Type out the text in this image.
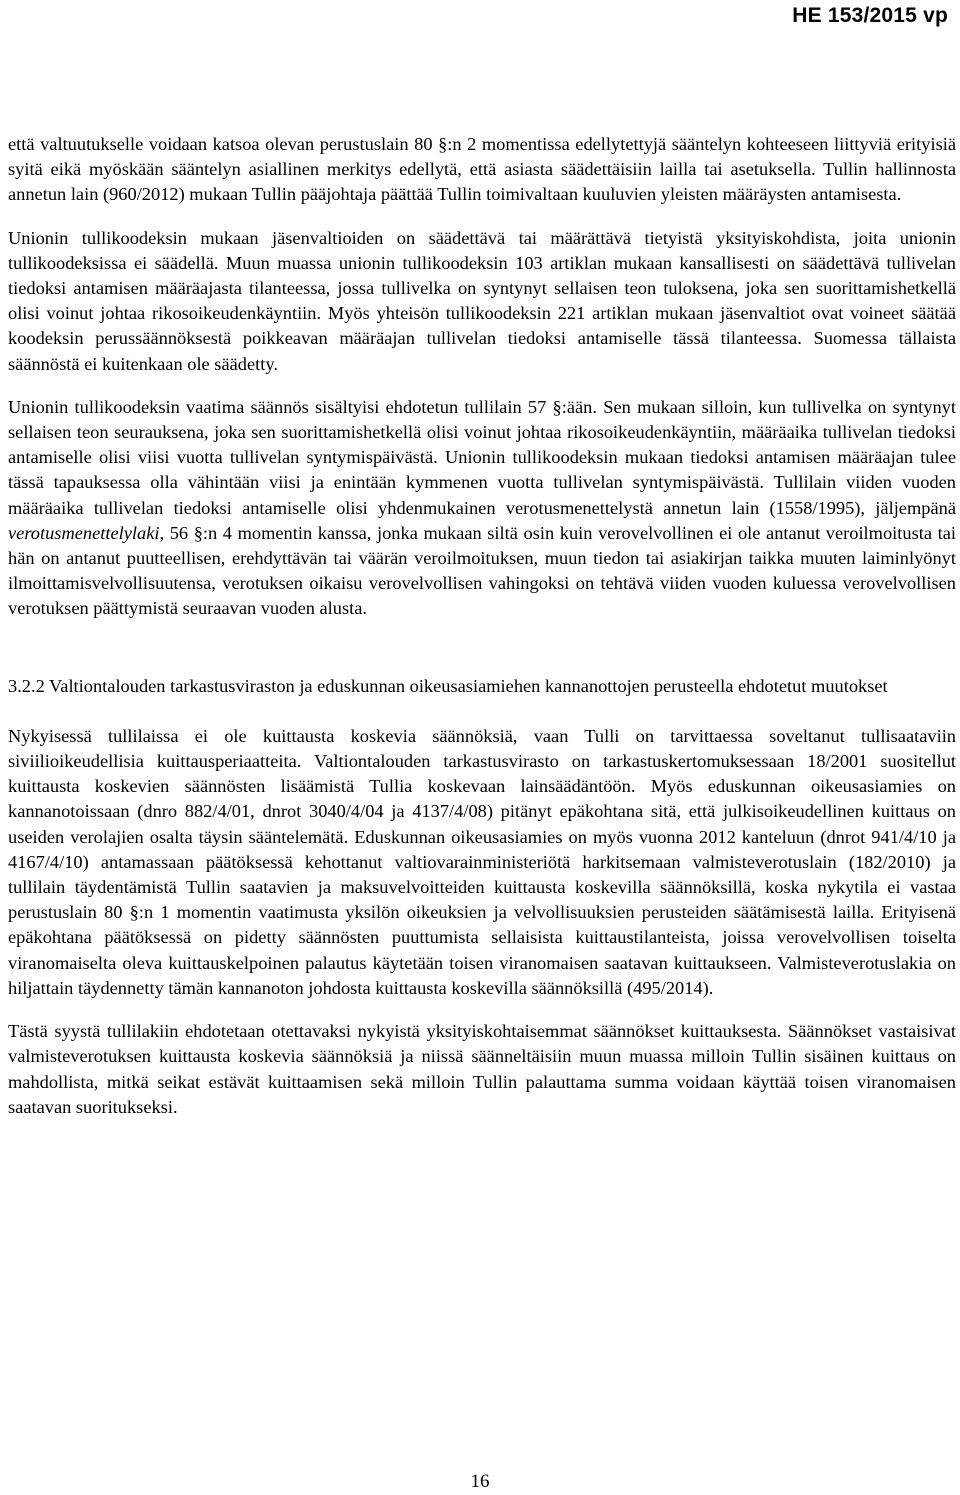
HE 153/2015 vp

että valtuutukselle voidaan katsoa olevan perustuslain 80 §:n 2 momentissa edellytettyjä sääntelyn kohteeseen liittyviä erityisiä syitä eikä myöskään sääntelyn asiallinen merkitys edellytä, että asiasta säädettäisiin lailla tai asetuksella. Tullin hallinnosta annetun lain (960/2012) mukaan Tullin pääjohtaja päättää Tullin toimivaltaan kuuluvien yleisten määräysten antamisesta.

Unionin tullikoodeksin mukaan jäsenvaltioiden on säädettävä tai määrättävä tietyistä yksityiskohdista, joita unionin tullikoodeksissa ei säädellä. Muun muassa unionin tullikoodeksin 103 artiklan mukaan kansallisesti on säädettävä tullivelan tiedoksi antamisen määräajasta tilanteessa, jossa tullivelka on syntynyt sellaisen teon tuloksena, joka sen suorittamishetkellä olisi voinut johtaa rikosoikeudenkäyntiin. Myös yhteisön tullikoodeksin 221 artiklan mukaan jäsenvaltiot ovat voineet säätää koodeksin perussäännöksestä poikkeavan määräajan tullivelan tiedoksi antamiselle tässä tilanteessa. Suomessa tällaista säännöstä ei kuitenkaan ole säädetty.

Unionin tullikoodeksin vaatima säännös sisältyisi ehdotetun tullilain 57 §:ään. Sen mukaan silloin, kun tullivelka on syntynyt sellaisen teon seurauksena, joka sen suorittamishetkellä olisi voinut johtaa rikosoikeudenkäyntiin, määräaika tullivelan tiedoksi antamiselle olisi viisi vuotta tullivelan syntymispäivästä. Unionin tullikoodeksin mukaan tiedoksi antamisen määräajan tulee tässä tapauksessa olla vähintään viisi ja enintään kymmenen vuotta tullivelan syntymispäivästä. Tullilain viiden vuoden määräaika tullivelan tiedoksi antamiselle olisi yhdenmukainen verotusmenettelystä annetun lain (1558/1995), jäljempänä verotusmenettelylaki, 56 §:n 4 momentin kanssa, jonka mukaan siltä osin kuin verovelvollinen ei ole antanut veroilmoitusta tai hän on antanut puutteellisen, erehdyttävän tai väärän veroilmoituksen, muun tiedon tai asiakirjan taikka muuten laiminlyönyt ilmoittamisvelvollisuutensa, verotuksen oikaisu verovelvollisen vahingoksi on tehtävä viiden vuoden kuluessa verovelvollisen verotuksen päättymistä seuraavan vuoden alusta.

3.2.2 Valtiontalouden tarkastusviraston ja eduskunnan oikeusasiamiehen kannanottojen perusteella ehdotetut muutokset

Nykyisessä tullilaissa ei ole kuittausta koskevia säännöksiä, vaan Tulli on tarvittaessa soveltanut tullisaataviin siviilioikeudellisia kuittausperiaatteita. Valtiontalouden tarkastusvirasto on tarkastuskertomuksessaan 18/2001 suositellut kuittausta koskevien säännösten lisäämistä Tullia koskevaan lainsäädäntöön. Myös eduskunnan oikeusasiamies on kannanotoissaan (dnro 882/4/01, dnrot 3040/4/04 ja 4137/4/08) pitänyt epäkohtana sitä, että julkisoikeudellinen kuittaus on useiden verolajien osalta täysin sääntelemätä. Eduskunnan oikeusasiamies on myös vuonna 2012 kanteluun (dnrot 941/4/10 ja 4167/4/10) antamassaan päätöksessä kehottanut valtiovarainministeriötä harkitsemaan valmisteverotuslain (182/2010) ja tullilain täydentämistä Tullin saatavien ja maksuvelvoitteiden kuittausta koskevilla säännöksillä, koska nykytila ei vastaa perustuslain 80 §:n 1 momentin vaatimusta yksilön oikeuksien ja velvollisuuksien perusteiden säätämisestä lailla. Erityisenä epäkohtana päätöksessä on pidetty säännösten puuttumista sellaisista kuittaustilanteista, joissa verovelvollisen toiselta viranomaiselta oleva kuittauskelpoinen palautus käytetään toisen viranomaisen saatavan kuittaukseen. Valmisteverotuslakia on hiljattain täydennetty tämän kannanoton johdosta kuittausta koskevilla säännöksillä (495/2014).

Tästä syystä tullilakiin ehdotetaan otettavaksi nykyistä yksityiskohtaisemmat säännökset kuittauksesta. Säännökset vastaisivat valmisteverotuksen kuittausta koskevia säännöksiä ja niissä säänneltäisiin muun muassa milloin Tullin sisäinen kuittaus on mahdollista, mitkä seikat estävät kuittaamisen sekä milloin Tullin palauttama summa voidaan käyttää toisen viranomaisen saatavan suoritukseksi.

16
